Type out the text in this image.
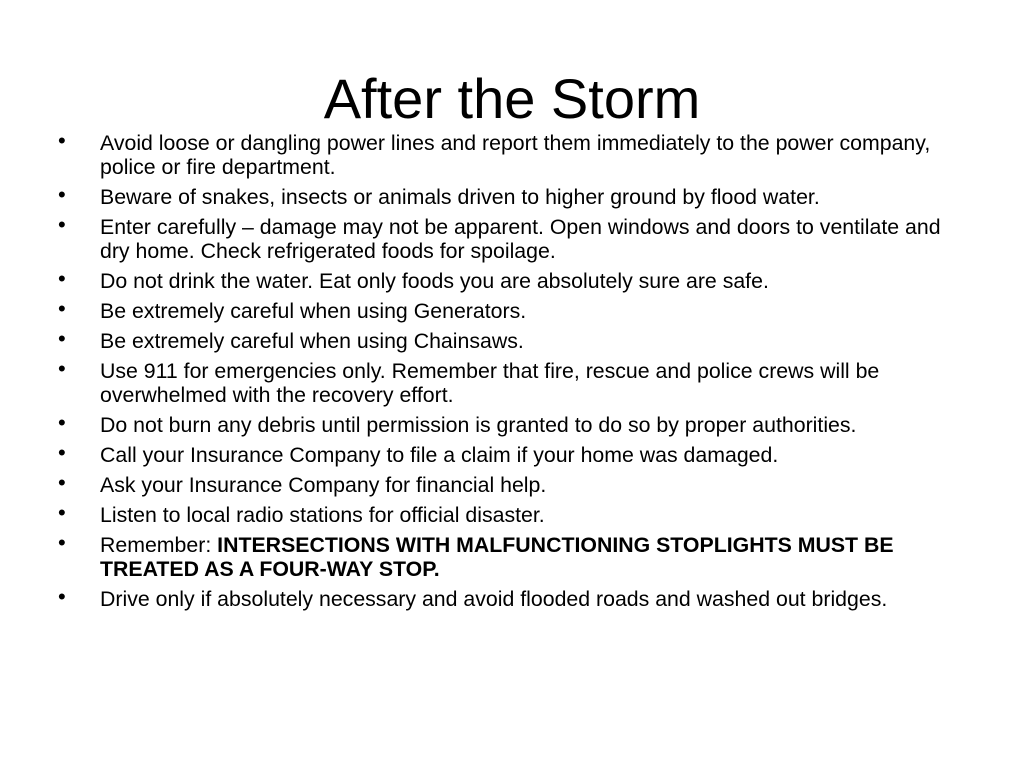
After the Storm
• Avoid loose or dangling power lines and report them immediately to the power company, police or fire department.
• Beware of snakes, insects or animals driven to higher ground by flood water.
• Enter carefully – damage may not be apparent. Open windows and doors to ventilate and dry home. Check refrigerated foods for spoilage.
• Do not drink the water. Eat only foods you are absolutely sure are safe.
• Be extremely careful when using Generators.
• Be extremely careful when using Chainsaws.
• Use 911 for emergencies only. Remember that fire, rescue and police crews will be overwhelmed with the recovery effort.
• Do not burn any debris until permission is granted to do so by proper authorities.
• Call your Insurance Company to file a claim if your home was damaged.
• Ask your Insurance Company for financial help.
• Listen to local radio stations for official disaster.
• Remember: INTERSECTIONS WITH MALFUNCTIONING STOPLIGHTS MUST BE TREATED AS A FOUR-WAY STOP.
• Drive only if absolutely necessary and avoid flooded roads and washed out bridges.
